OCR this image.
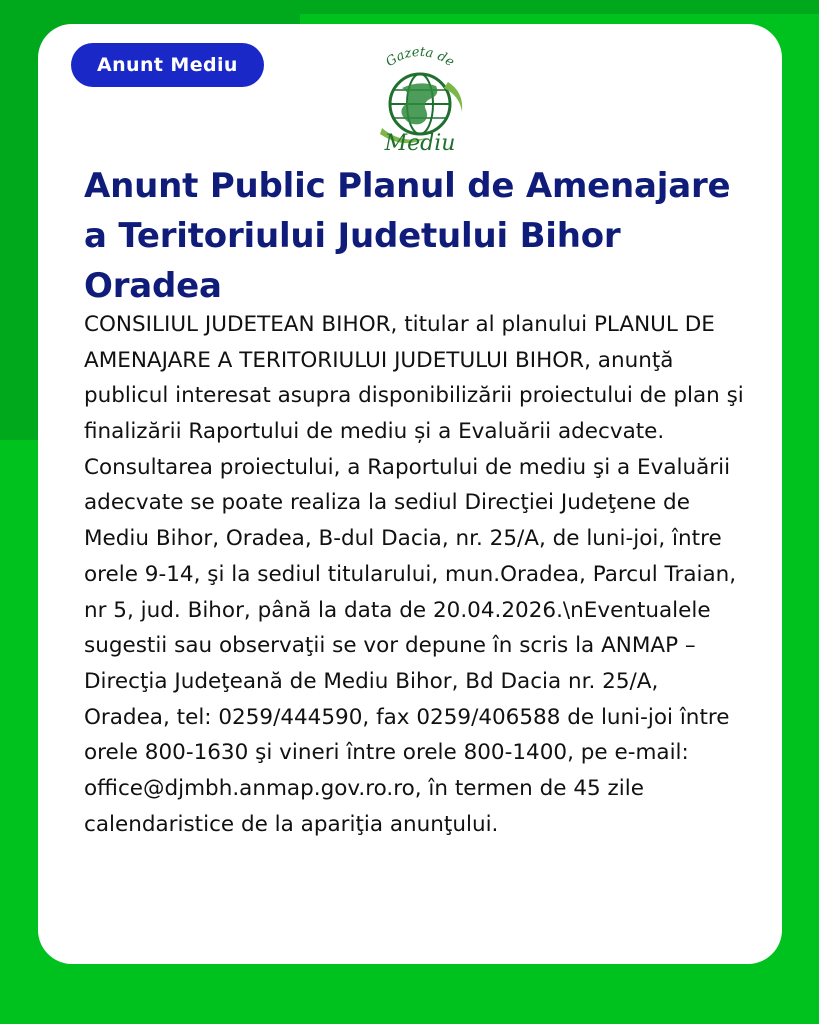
Anunt Mediu	Gazeta de
Mediu
Anunt Public Planul de Amenajare a Teritoriului Judetului Bihor Oradea
CONSILIUL JUDETEAN BIHOR, titular al planului PLANUL DE AMENAJARE A TERITORIULUI JUDETULUI BIHOR, anunţă publicul interesat asupra disponibilizării proiectului de plan şi finalizării Raportului de mediu și a Evaluării adecvate. Consultarea proiectului, a Raportului de mediu şi a Evaluării adecvate se poate realiza la sediul Direcţiei Judeţene de Mediu Bihor, Oradea, B-dul Dacia, nr. 25/A, de luni-joi, între orele 9-14, şi la sediul titularului, mun.Oradea, Parcul Traian, nr 5, jud. Bihor, până la data de 20.04.2026.\nEventualele sugestii sau observaţii se vor depune în scris la ANMAP – Direcţia Judeţeană de Mediu Bihor, Bd Dacia nr. 25/A, Oradea, tel: 0259/444590, fax 0259/406588 de luni-joi între orele 800-1630 şi vineri între orele 800-1400, pe e-mail: office@djmbh.anmap.gov.ro.ro, în termen de 45 zile calendaristice de la apariţia anunţului.
